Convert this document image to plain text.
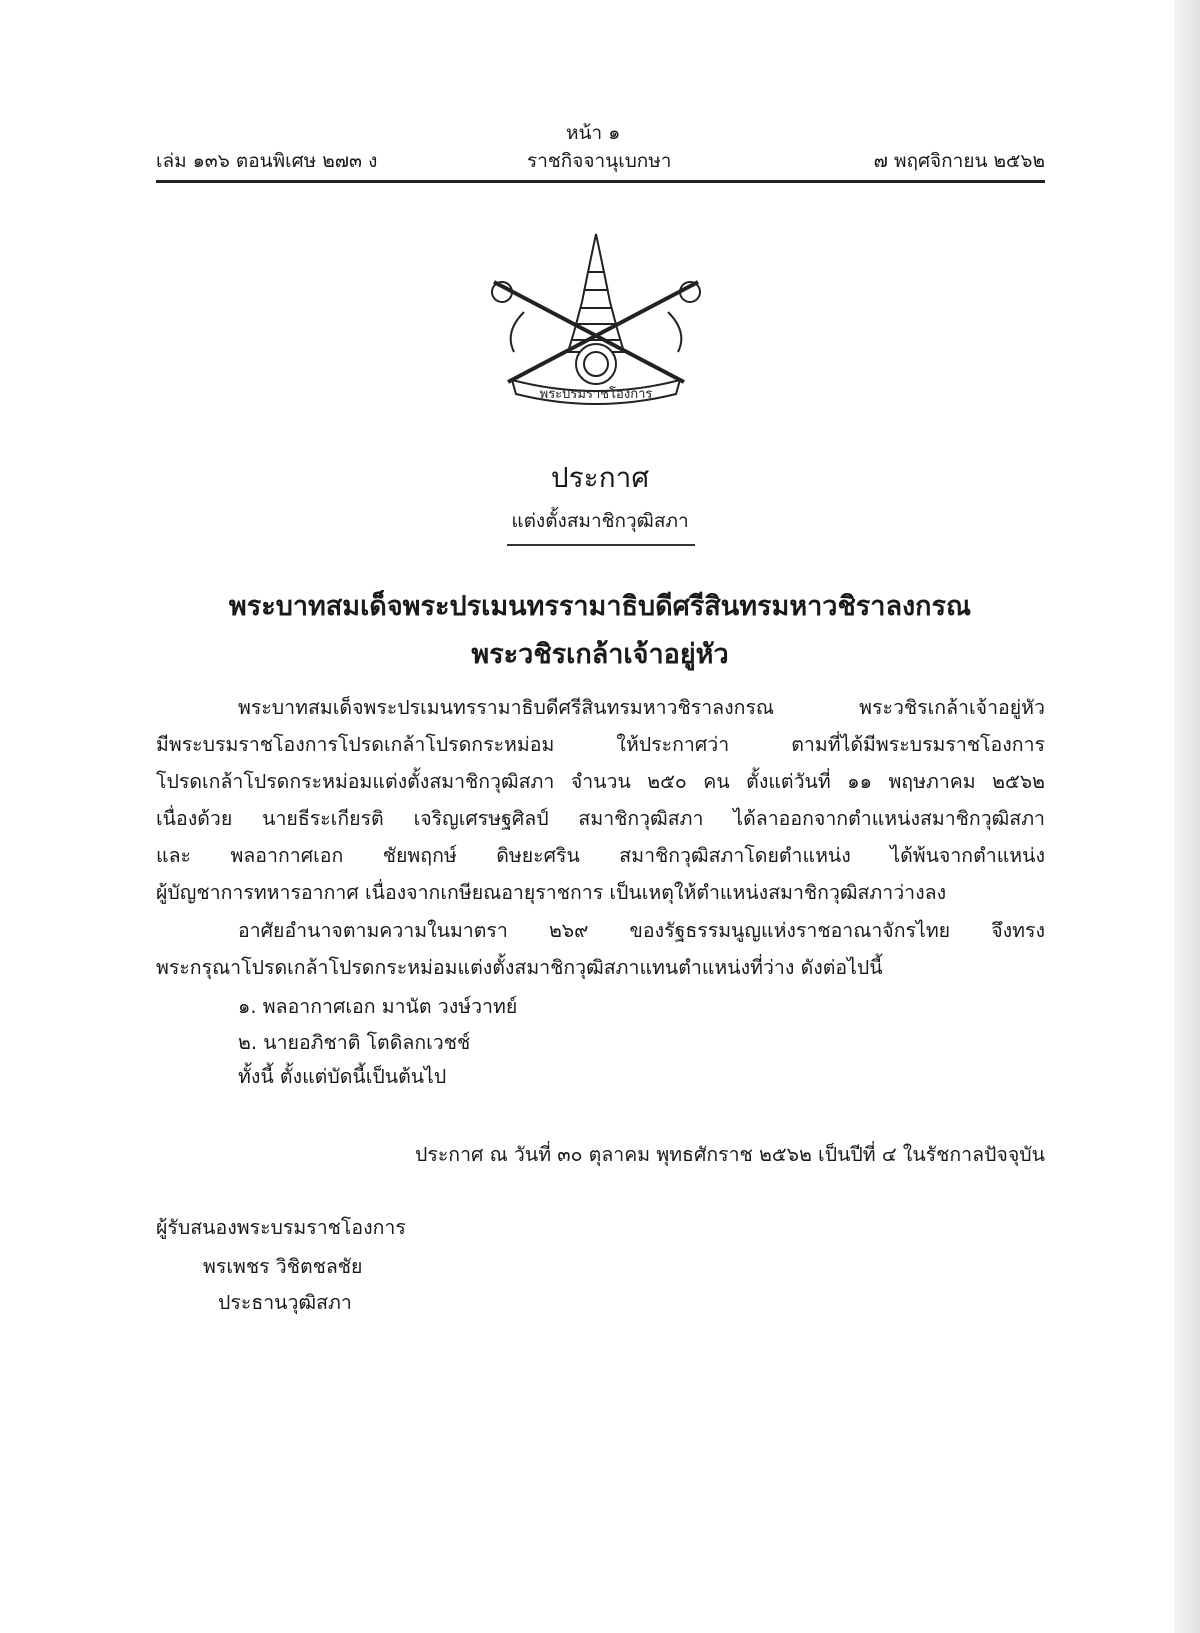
หน้า ๑
เล่ม ๑๓๖ ตอนพิเศษ ๒๗๓ ง	ราชกิจจานุเบกษา	๗ พฤศจิกายน ๒๕๖๒
พระบรมราชโองการ
ประกาศ
แต่งตั้งสมาชิกวุฒิสภา
พระบาทสมเด็จพระปรเมนทรรามาธิบดีศรีสินทรมหาวชิราลงกรณ
พระวชิรเกล้าเจ้าอยู่หัว
พระบาทสมเด็จพระปรเมนทรรามาธิบดีศรีสินทรมหาวชิราลงกรณ พระวชิรเกล้าเจ้าอยู่หัว
มีพระบรมราชโองการโปรดเกล้าโปรดกระหม่อม ให้ประกาศว่า ตามที่ได้มีพระบรมราชโองการ
โปรดเกล้าโปรดกระหม่อมแต่งตั้งสมาชิกวุฒิสภา จำนวน ๒๕๐ คน ตั้งแต่วันที่ ๑๑ พฤษภาคม ๒๕๖๒
เนื่องด้วย นายธีระเกียรติ เจริญเศรษฐศิลป์ สมาชิกวุฒิสภา ได้ลาออกจากตำแหน่งสมาชิกวุฒิสภา
และ พลอากาศเอก ชัยพฤกษ์ ดิษยะศริน สมาชิกวุฒิสภาโดยตำแหน่ง ได้พ้นจากตำแหน่ง
ผู้บัญชาการทหารอากาศ เนื่องจากเกษียณอายุราชการ เป็นเหตุให้ตำแหน่งสมาชิกวุฒิสภาว่างลง
อาศัยอำนาจตามความในมาตรา ๒๖๙ ของรัฐธรรมนูญแห่งราชอาณาจักรไทย จึงทรง
พระกรุณาโปรดเกล้าโปรดกระหม่อมแต่งตั้งสมาชิกวุฒิสภาแทนตำแหน่งที่ว่าง ดังต่อไปนี้
๑. พลอากาศเอก มานัต วงษ์วาทย์
๒. นายอภิชาติ โตดิลกเวชช์
ทั้งนี้ ตั้งแต่บัดนี้เป็นต้นไป
ประกาศ ณ วันที่ ๓๐ ตุลาคม พุทธศักราช ๒๕๖๒ เป็นปีที่ ๔ ในรัชกาลปัจจุบัน
ผู้รับสนองพระบรมราชโองการ
พรเพชร วิชิตชลชัย
ประธานวุฒิสภา
